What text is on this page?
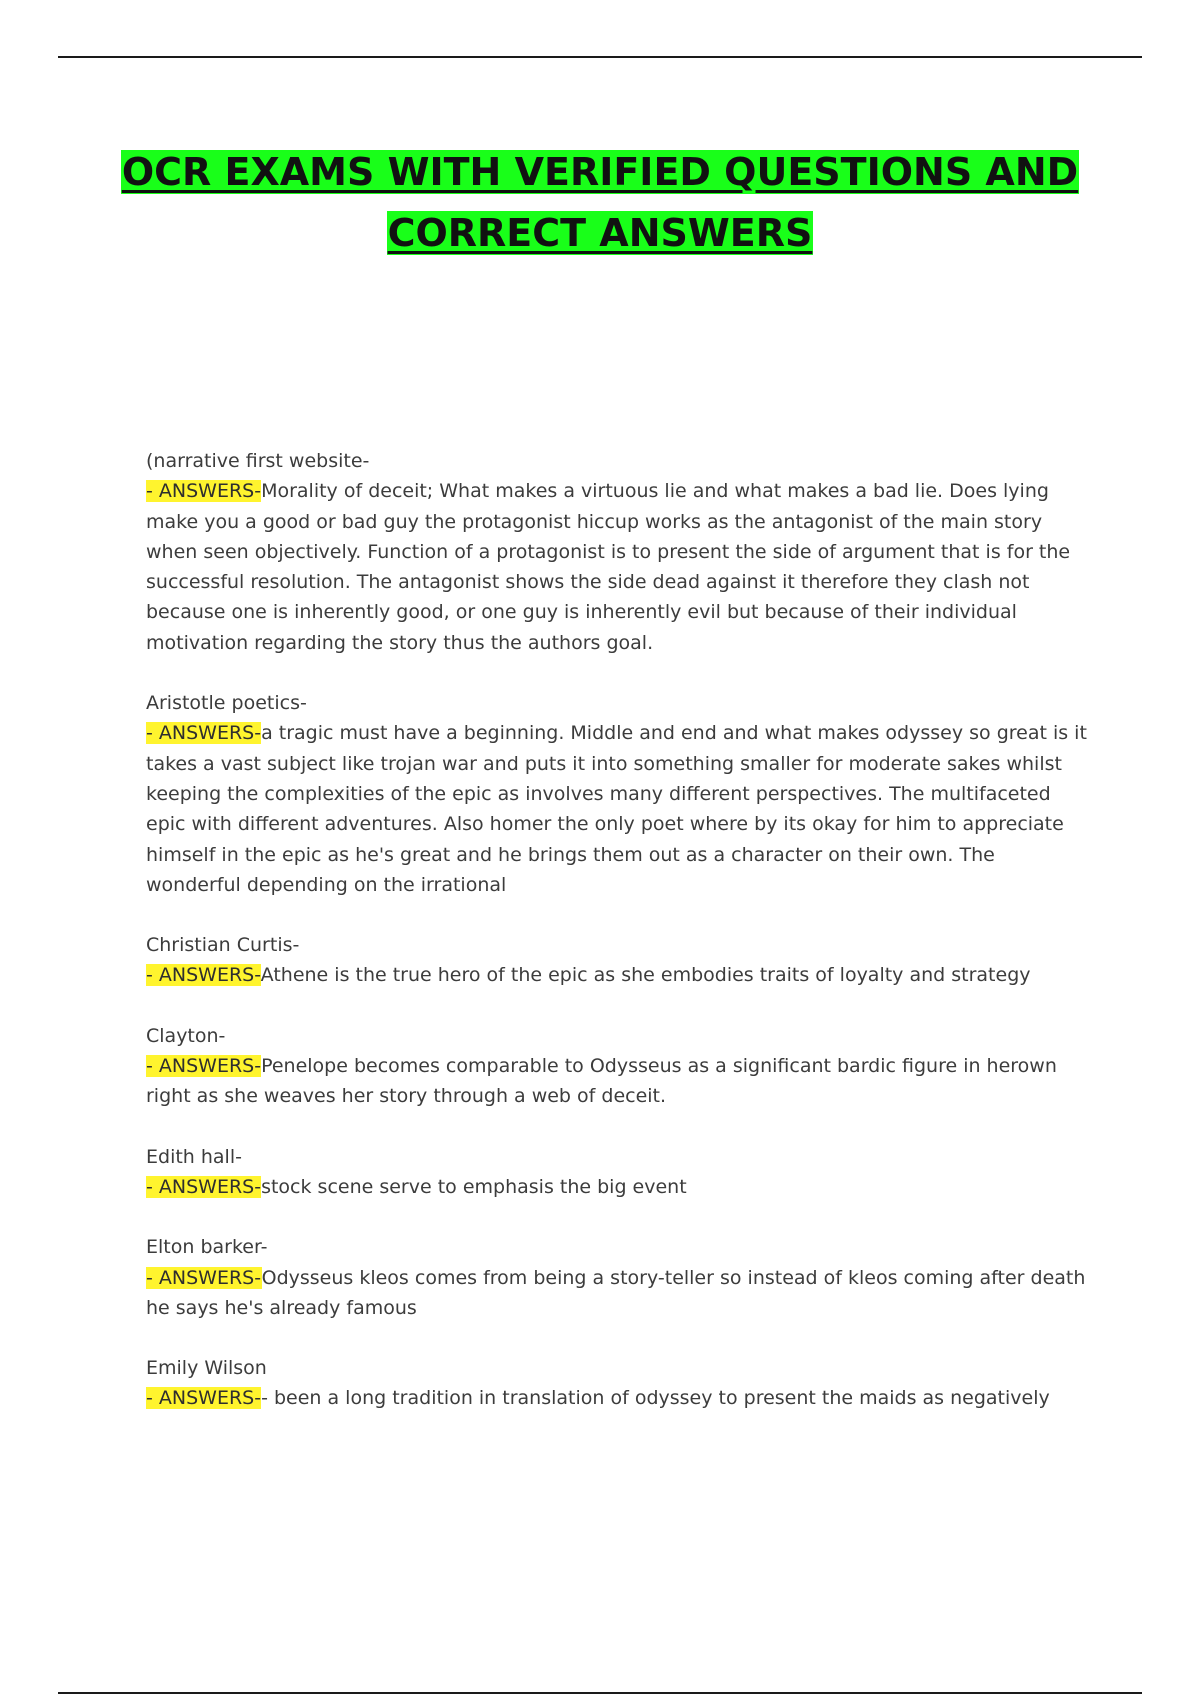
OCR EXAMS WITH VERIFIED QUESTIONS AND
CORRECT ANSWERS

(narrative first website-

- ANSWERS-Morality of deceit; What makes a virtuous lie and what makes a bad lie. Does lying make you a good or bad guy the protagonist hiccup works as the antagonist of the main story when seen objectively. Function of a protagonist is to present the side of argument that is for the successful resolution. The antagonist shows the side dead against it therefore they clash not because one is inherently good, or one guy is inherently evil but because of their individual motivation regarding the story thus the authors goal.

Aristotle poetics-

- ANSWERS-a tragic must have a beginning. Middle and end and what makes odyssey so great is it takes a vast subject like trojan war and puts it into something smaller for moderate sakes whilst keeping the complexities of the epic as involves many different perspectives. The multifaceted epic with different adventures. Also homer the only poet where by its okay for him to appreciate himself in the epic as he's great and he brings them out as a character on their own. The wonderful depending on the irrational

Christian Curtis-

- ANSWERS-Athene is the true hero of the epic as she embodies traits of loyalty and strategy

Clayton-

- ANSWERS-Penelope becomes comparable to Odysseus as a significant bardic figure in herown right as she weaves her story through a web of deceit.

Edith hall-

- ANSWERS-stock scene serve to emphasis the big event

Elton barker-

- ANSWERS-Odysseus kleos comes from being a story-teller so instead of kleos coming after death he says he's already famous

Emily Wilson

- ANSWERS-- been a long tradition in translation of odyssey to present the maids as negatively
